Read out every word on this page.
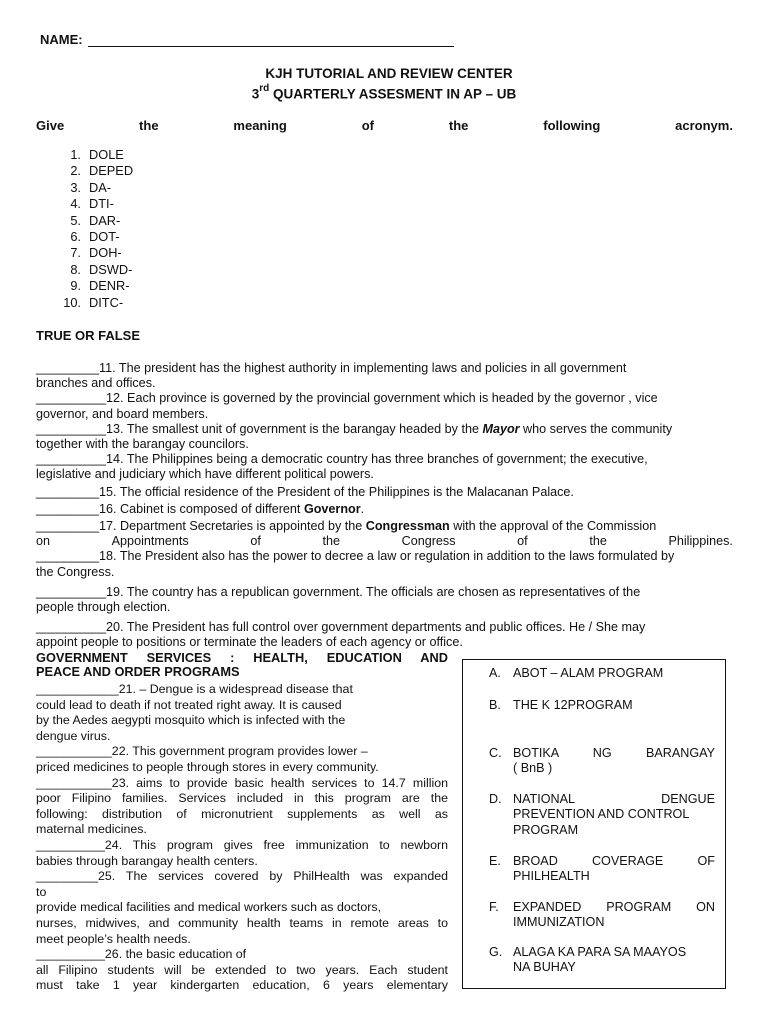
NAME:
KJH TUTORIAL AND REVIEW CENTER
3rd QUARTERLY ASSESMENT IN AP – UB
Give	the	meaning	of	the	following	acronym.
1. DOLE
2. DEPED
3. DA-
4. DTI-
5. DAR-
6. DOT-
7. DOH-
8. DSWD-
9. DENR-
10. DITC-
TRUE OR FALSE
_________11. The president has the highest authority in implementing laws and policies in all government
branches and offices.
__________12. Each province is governed by the provincial government which is headed by the governor , vice
governor, and board members.
__________13. The smallest unit of government is the barangay headed by the Mayor who serves the community
together with the barangay councilors.
__________14. The Philippines being a democratic country has three branches of government; the executive,
legislative and judiciary which have different political powers.
_________15. The official residence of the President of the Philippines is the Malacanan Palace.
_________16. Cabinet is composed of different Governor.
_________17. Department Secretaries is appointed by the Congressman with the approval of the Commission
on	Appointments	of	the	Congress	of	the	Philippines.
_________18. The President also has the power to decree a law or regulation in addition to the laws formulated by
the Congress.
__________19. The country has a republican government. The officials are chosen as representatives of the
people through election.
__________20. The President has full control over government departments and public offices. He / She may
appoint people to positions or terminate the leaders of each agency or office.
GOVERNMENT SERVICES : HEALTH, EDUCATION AND
PEACE AND ORDER PROGRAMS
____________21. – Dengue is a widespread disease that
could lead to death if not treated right away. It is caused
by the Aedes aegypti mosquito which is infected with the
dengue virus.
___________22. This government program provides lower –
priced medicines to people through stores in every community.
___________23. aims to provide basic health services to 14.7 million
poor Filipino families. Services included in this program are the
following: distribution of micronutrient supplements as well as
maternal medicines.
__________24. This program gives free immunization to newborn
babies through barangay health centers.
_________25. The services covered by PhilHealth was expanded
to
provide medical facilities and medical workers such as doctors,
nurses, midwives, and community health teams in remote areas to
meet people’s health needs.
__________26. the basic education of
all Filipino students will be extended to two years. Each student
must take 1 year kindergarten education, 6 years elementary
A. ABOT – ALAM PROGRAM
B. THE K 12PROGRAM
C. BOTIKA NG BARANGAY
( BnB )
D. NATIONAL DENGUE
PREVENTION AND CONTROL
PROGRAM
E. BROAD COVERAGE OF
PHILHEALTH
F.	EXPANDED PROGRAM ON
IMMUNIZATION
G. ALAGA KA PARA SA MAAYOS
NA BUHAY
